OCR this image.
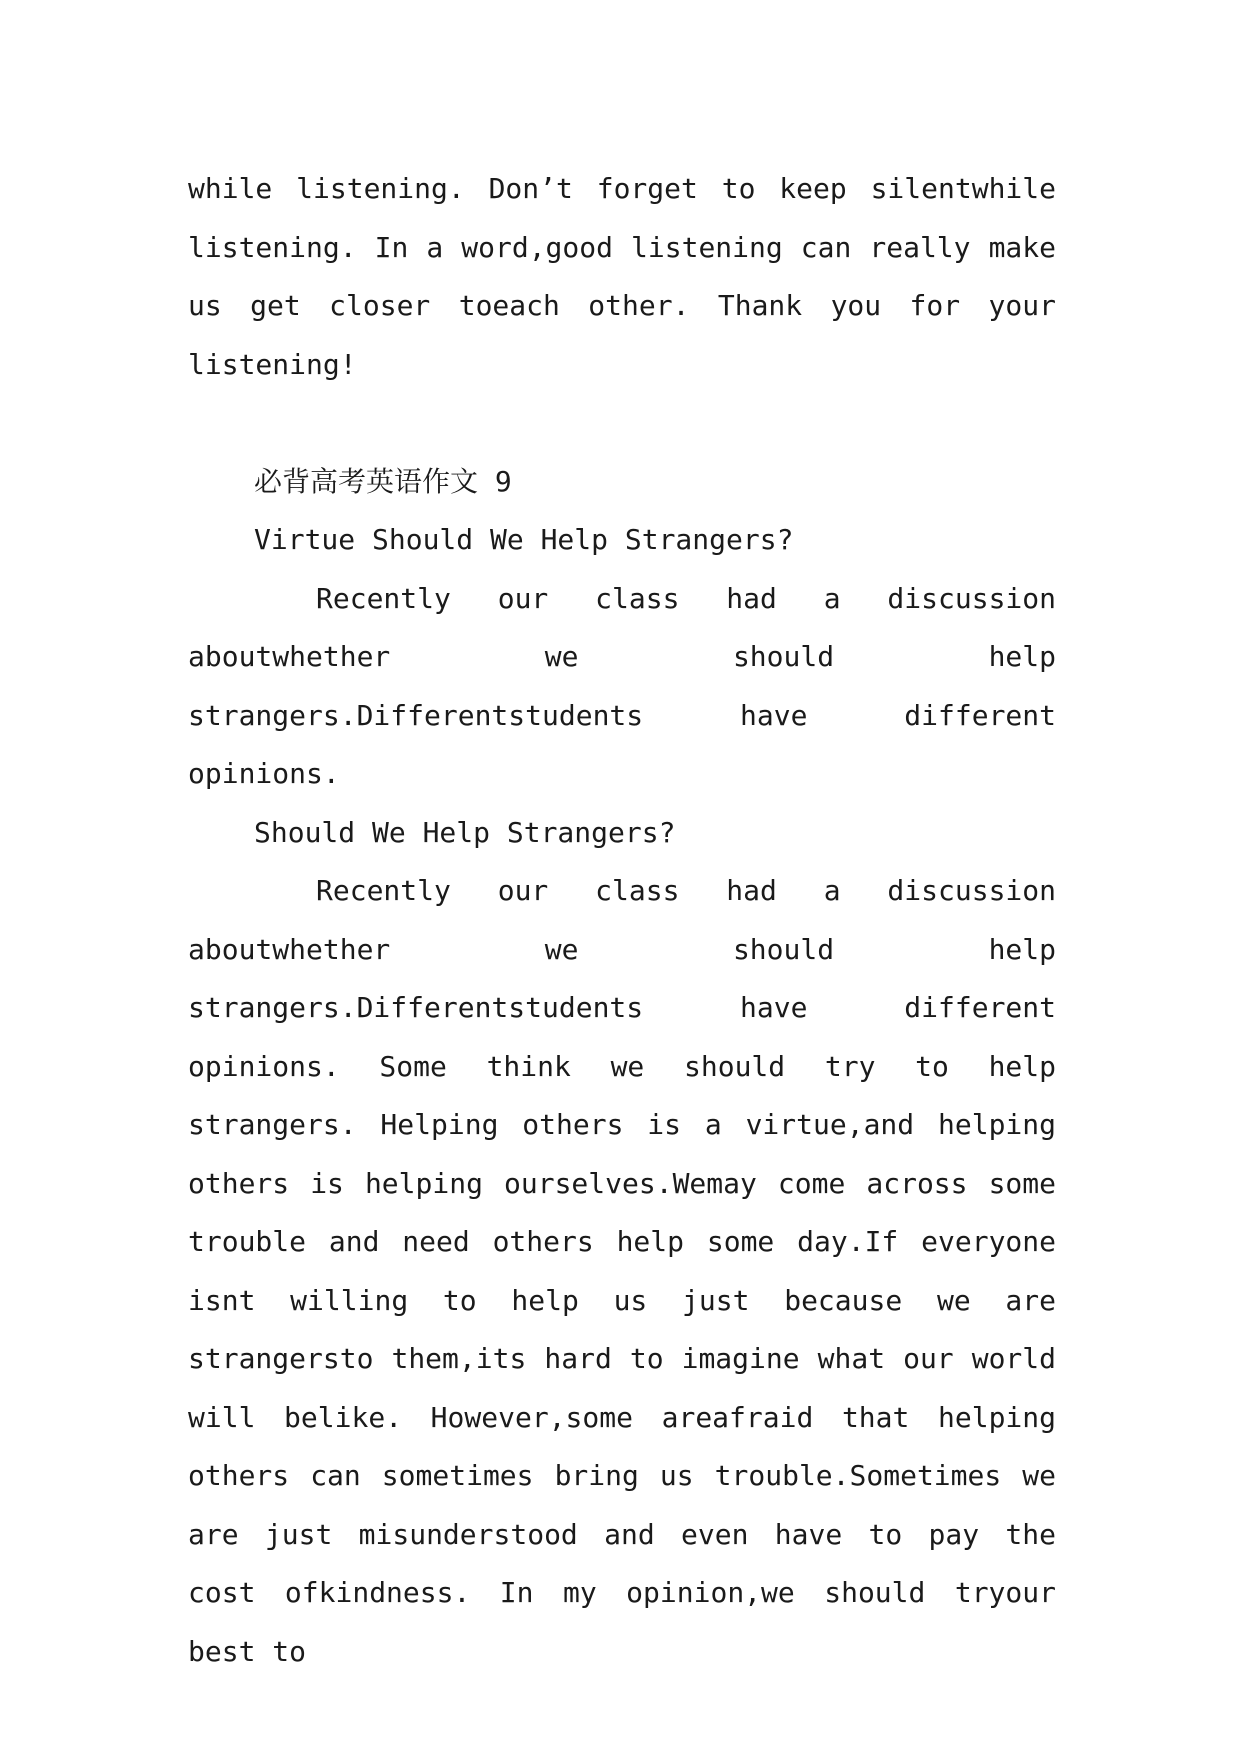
while listening. Don’t forget to keep silentwhile listening. In a word,good listening can really make us get closer toeach other. Thank you for your listening!

必背高考英语作文 9

Virtue Should We Help Strangers?

Recently our class had a discussion aboutwhether we should help strangers.Differentstudents have different opinions.

Should We Help Strangers?

Recently our class had a discussion aboutwhether we should help strangers.Differentstudents have different opinions. Some think we should try to help strangers. Helping others is a virtue,and helping others is helping ourselves.Wemay come across some trouble and need others help some day.If everyone isnt willing to help us just because we are strangersto them,its hard to imagine what our world will belike. However,some areafraid that helping others can sometimes bring us trouble.Sometimes we are just misunderstood and even have to pay the cost ofkindness. In my opinion,we should tryour best to
